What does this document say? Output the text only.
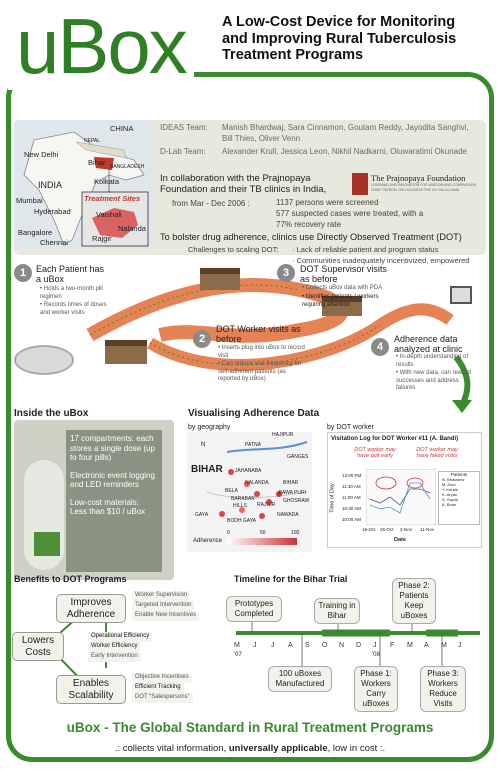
uBox	A Low-Cost Device for Monitoring
and Improving Rural Tuberculosis
Treatment Programs
CHINA
NEPAL
New Delhi
Bihar BANGLADESH
Kolkata
INDIA
Mumbai
Hyderabad
Bangalore
Chennai
Treatment Sites
Vaishali
Nalanda
Rajgir
IDEAS Team: Manish Bhardwaj, Sara Cinnamon, Goutam Reddy, Jayodita Sanghvi,
Bill Thies, Oliver Venn
D-Lab Team: Alexander Krull, Jessica Leon, Nikhil Nadkarni, Oluwaratimi Okunade
In collaboration with the Prajnopaya
Foundation and their TB clinics in India,
The Prajnopaya Foundation
LEARNING AND INNOVATION FOR WISDOM AND COMPASSION
CHIEF PATRON: HIS HOLINESS THE XIV DALAI LAMA
from Mar - Dec 2006 :	1137 persons were screened
577 suspected cases were treated, with a
77% recovery rate
To bolster drug adherence, clinics use Directly Observed Treatment (DOT)
Challenges to scaling DOT: · Lack of reliable patient and program status
· Communities inadequately incentivized, empowered
1	Each Patient has a uBox
• Holds a two-month pill regimen
• Records times of doses and worker visits
3	DOT Supervisor visits as before
• Collects uBox data with PDA
• Identifies patients / workers requiring attention
2
DOT Worker visits as before
• Inserts plug into uBox to record visit
• Can reduce visit frequency for self-adherent patients (as reported by uBox)
4
Adherence data analyzed at clinic
• In-depth understanding of results
• With new data, can reward successes and address failures
Inside the uBox
17 compartments: each stores a single dose (up to four pills)
Electronic event logging and LED reminders
Low-cost materials: Less than $10 / uBox
Visualising Adherence Data
by geography	by DOT worker
HAJIPUR
PATNA
GANGES
N
BIHAR JAHANABA
NALANDA	BIHAR
BELA
BARABAR
HILLS
PAWA PURI
RAJGIR
GHOSRAW
GAYA	NAWADA
BODH GAYA
Adherence
0	50	100
Visitation Log for DOT Worker #11 (A. Bandi)
DOT worker may have quit early
DOT worker may have faked visits
Time of Day
12:00 PM
11:30 AM
11:00 AM
10:30 AM
10:00 AM
19-Oct 26-Oct 2-Nov 11-Nov
Date
Patients
N. Bhavsinw
M. Devi
Y. Karale
K. Aryan
S. Gupta
A. Bose
Benefits to DOT Programs
Improves Adherence
Lowers Costs
Enables Scalability
Worker Supervision
Targeted Intervention
Enable New Incentives
Operational Efficiency
Worker Efficiency
Early Intervention
Objective Incentives
Efficient Tracking
DOT “Salespersons”
Timeline for the Bihar Trial
M J J A S O N D J F M A M J
'07	'08
Prototypes Completed
Training in Bihar
100 uBoxes Manufactured
Phase 1: Workers Carry uBoxes
Phase 2: Patients Keep uBoxes
Phase 3: Workers Reduce Visits
uBox - The Global Standard in Rural Treatment Programs
.: collects vital information, universally applicable, low in cost :.
